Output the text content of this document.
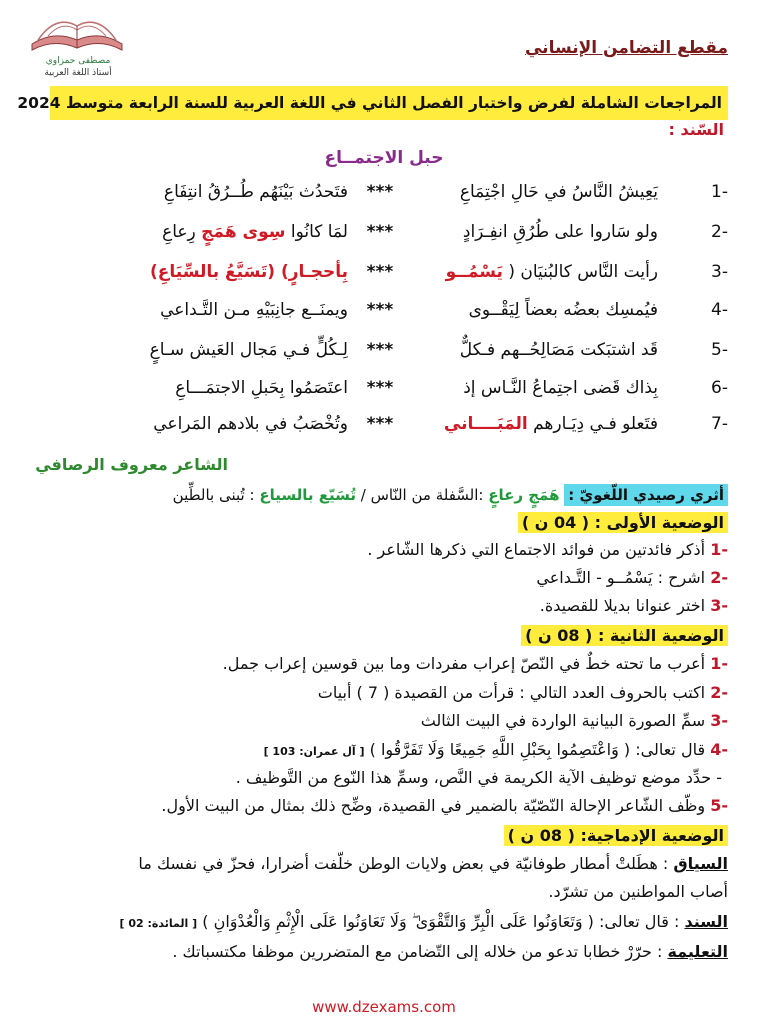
مصطفى حمزاوي
أستاذ اللغة العربية
مقطع التضامن الإنساني
المراجعات الشاملة لفرض واختبار الفصل الثاني في اللغة العربية للسنة الرابعة متوسط 2024
السّند :
حبل الاجتمــاع
1-
يَعِيشُ النَّاسُ في حَالِ اجْتِمَاعِ
***
فتَحدُث بَيْنَهُم طُــرُقُ انتِفَاعِ
2-
ولو سَاروا على طُرُقِ انفِـرَادٍ
***
لمَا كانُوا سِوى هَمَجٍ رِعاعِ
3-
رأيت النَّاس كالبُنيَان ( يَسْمُــو
***
بِأحجـارٍ) (تَسَيَّعُ بالسِّيَاعِ)
4-
فيُمسِك بعضُه بعضاً لِيَقْــوى
***
ويمنَــع جانِبَيْهِ مـن التَّـداعي
5-
قَد اشتبَكت مَصَالِحُــهم فـكلٌّ
***
لِـكُلٍّ فـي مَجال العَيش سـاعٍ
6-
بِذاك قَضى اجتِماعُ النَّـاس إذ
***
اعتَصَمُوا بِحَبلِ الاجتمَـــاعِ
7-
فتَعلو فـي دِيَـارهم المَبَــــاني
***
وتُخْصَبُ في بلادهم المَراعي
الشاعر معروف الرصافي
أثري رصيدي اللّغويّ : هَمَجٍ رعاعٍ :السَّفلة من النّاس / تُسَيّع بالسياع : تُبنى بالطِّين
الوضعية الأولى : ( 04 ن )
-1 أذكر فائدتين من فوائد الاجتماع التي ذكرها الشّاعر .
-2 اشرح : يَسْمُــو - التَّـداعي
-3 اختر عنوانا بديلا للقصيدة.
الوضعية الثانية : ( 08 ن )
-1 أعرب ما تحته خطٌ في النّصّ إعراب مفردات وما بين قوسين إعراب جمل.
-2 اكتب بالحروف العدد التالي : قرأت من القصيدة ( 7 ) أبيات
-3 سمِّ الصورة البيانية الواردة في البيت الثالث
-4 قال تعالى: ( وَاعْتَصِمُوا بِحَبْلِ اللَّهِ جَمِيعًا وَلَا تَفَرَّقُوا ) [ آل عمران: 103 ]
- حدِّد موضع توظيف الآية الكريمة في النَّص، وسمِّ هذا النّوع من التَّوظيف .
-5 وظّف الشّاعر الإحالة النّصّيّة بالضمير في القصيدة، وضِّح ذلك بمثال من البيت الأول.
الوضعية الإدماجية: ( 08 ن )
السياق : هطَلتْ أمطار طوفانيّة في بعض ولايات الوطن خلّفت أضرارا، فحزّ في نفسك ما
أصاب المواطنين من تشرّد.
السند : قال تعالى: ( وَتَعَاوَنُوا عَلَى الْبِرِّ وَالتَّقْوَىٰ ۖ وَلَا تَعَاوَنُوا عَلَى الْإِثْمِ وَالْعُدْوَانِ ) [ المائدة: 02 ]
التعليمة : حرّرْ خطابا تدعو من خلاله إلى التّضامن مع المتضررين موظفا مكتسباتك .
www.dzexams.com
